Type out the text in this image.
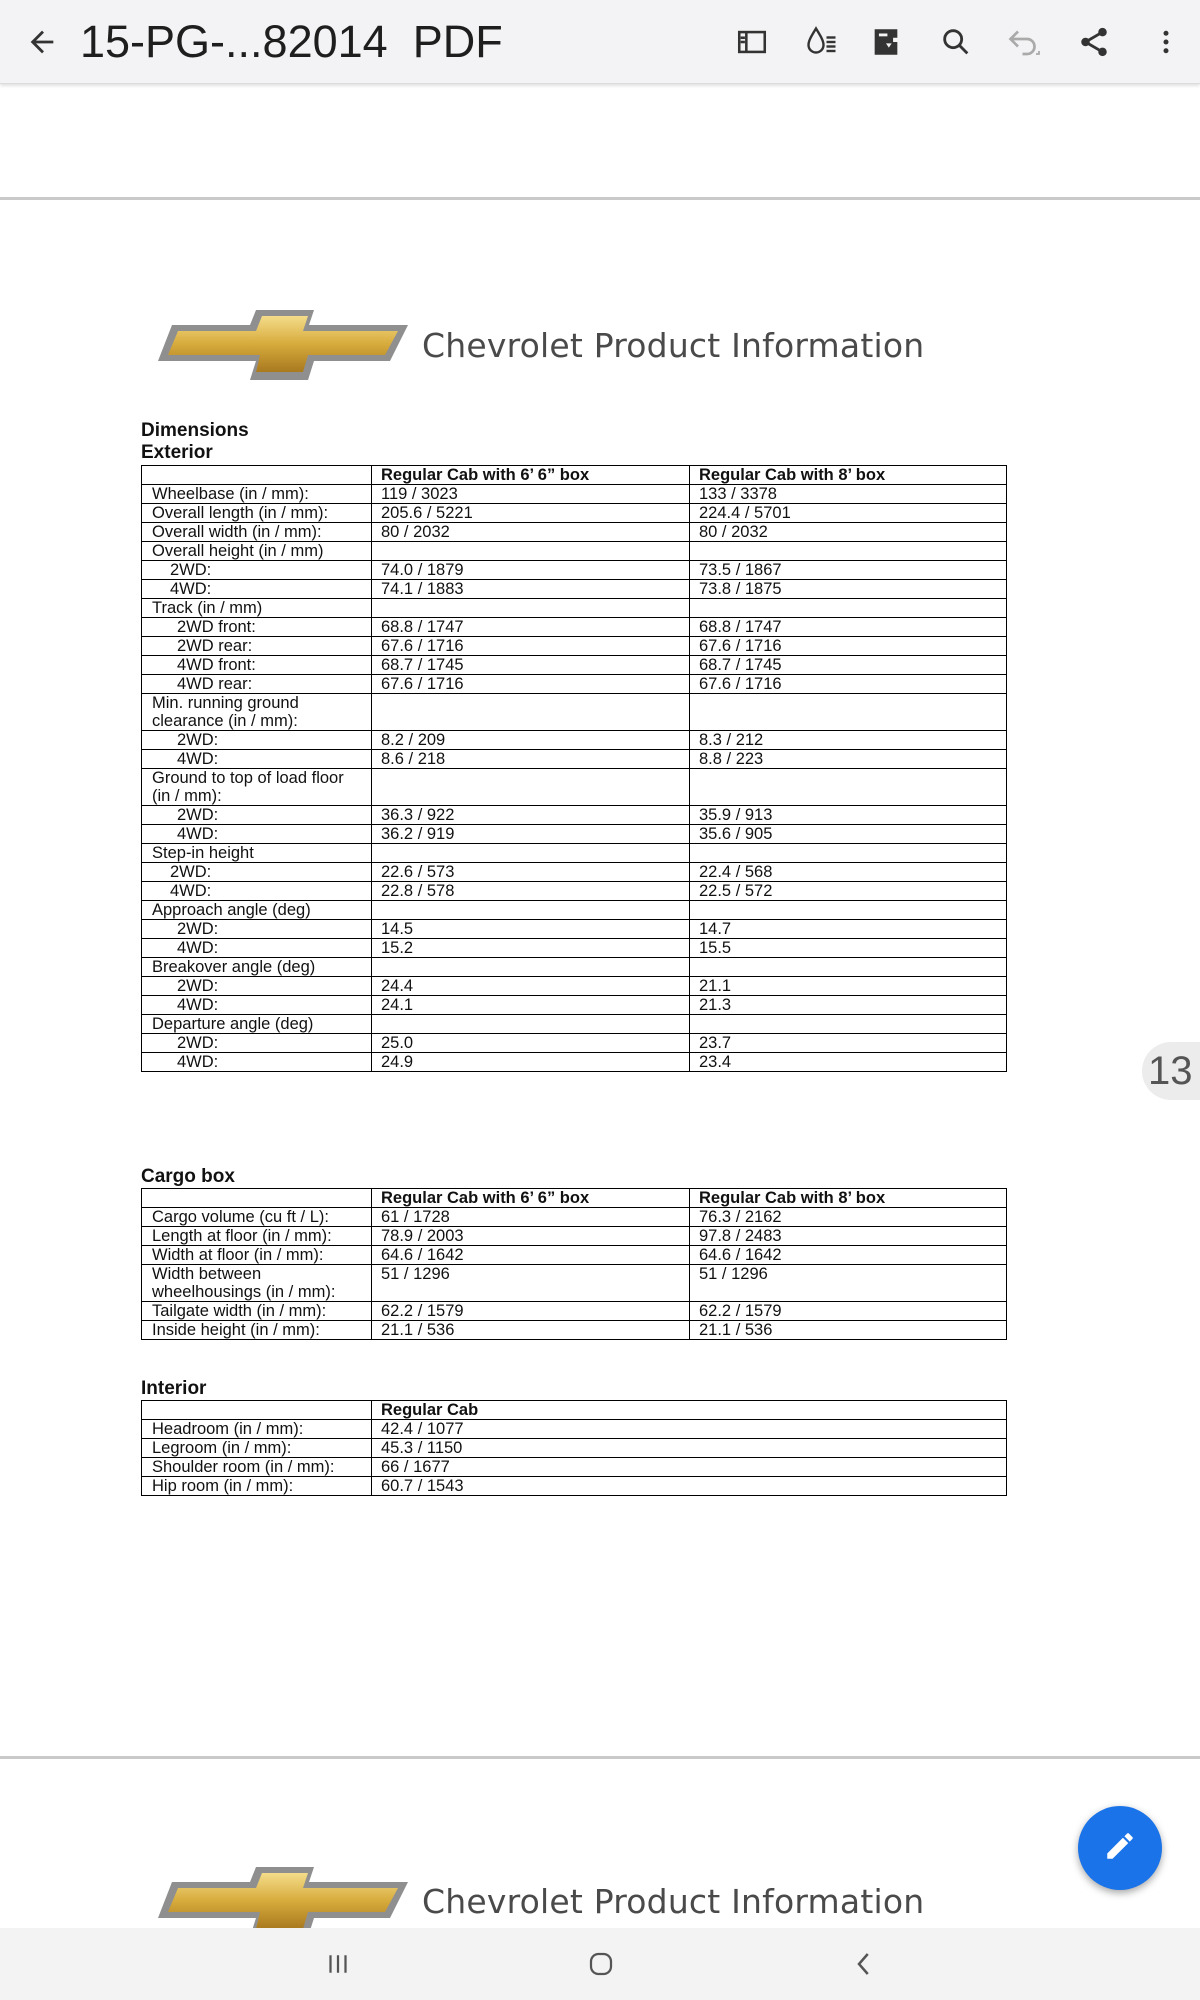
15-PG-...82014  PDF
Chevrolet Product Information
Dimensions
Exterior
	Regular Cab with 6’ 6” box	Regular Cab with 8’ box
Wheelbase (in / mm):	119 / 3023	133 / 3378
Overall length (in / mm):	205.6 / 5221	224.4 / 5701
Overall width (in / mm):	80 / 2032	80 / 2032
Overall height (in / mm)		
2WD:	74.0 / 1879	73.5 / 1867
4WD:	74.1 / 1883	73.8 / 1875
Track (in / mm)		
2WD front:	68.8 / 1747	68.8 / 1747
2WD rear:	67.6 / 1716	67.6 / 1716
4WD front:	68.7 / 1745	68.7 / 1745
4WD rear:	67.6 / 1716	67.6 / 1716
Min. running ground clearance (in / mm):		
2WD:	8.2 / 209	8.3 / 212
4WD:	8.6 / 218	8.8 / 223
Ground to top of load floor (in / mm):		
2WD:	36.3 / 922	35.9 / 913
4WD:	36.2 / 919	35.6 / 905
Step-in height		
2WD:	22.6 / 573	22.4 / 568
4WD:	22.8 / 578	22.5 / 572
Approach angle (deg)		
2WD:	14.5	14.7
4WD:	15.2	15.5
Breakover angle (deg)		
2WD:	24.4	21.1
4WD:	24.1	21.3
Departure angle (deg)		
2WD:	25.0	23.7
4WD:	24.9	23.4
Cargo box
	Regular Cab with 6’ 6” box	Regular Cab with 8’ box
Cargo volume (cu ft / L):	61 / 1728	76.3 / 2162
Length at floor (in / mm):	78.9 / 2003	97.8 / 2483
Width at floor (in / mm):	64.6 / 1642	64.6 / 1642
Width between wheelhousings (in / mm):	51 / 1296	51 / 1296
Tailgate width (in / mm):	62.2 / 1579	62.2 / 1579
Inside height (in / mm):	21.1 / 536	21.1 / 536
Interior
	Regular Cab
Headroom (in / mm):	42.4 / 1077
Legroom (in / mm):	45.3 / 1150
Shoulder room (in / mm):	66 / 1677
Hip room (in / mm):	60.7 / 1543
13
Chevrolet Product Information
